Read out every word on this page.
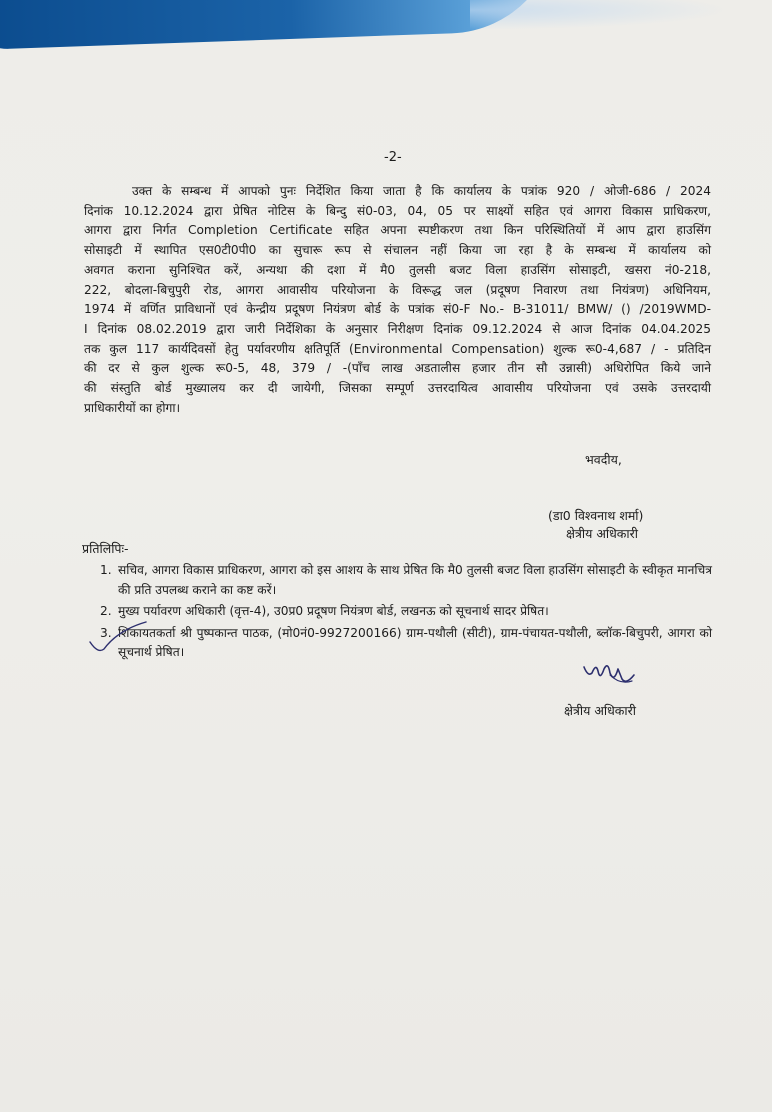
-2-
उक्त के सम्बन्ध में आपको पुनः निर्देशित किया जाता है कि कार्यालय के पत्रांक 920 / ओजी-686 / 2024
दिनांक 10.12.2024 द्वारा प्रेषित नोटिस के बिन्दु सं0-03, 04, 05 पर साक्ष्यों सहित एवं आगरा विकास प्राधिकरण,
आगरा द्वारा निर्गत Completion Certificate सहित अपना स्पष्टीकरण तथा किन परिस्थितियों में आप द्वारा हाउसिंग
सोसाइटी में स्थापित एस0टी0पी0 का सुचारू रूप से संचालन नहीं किया जा रहा है के सम्बन्ध में कार्यालय को
अवगत कराना सुनिश्चित करें, अन्यथा की दशा में मै0 तुलसी बजट विला हाउसिंग सोसाइटी, खसरा नं0-218,
222, बोदला-बिचुपुरी रोड, आगरा आवासीय परियोजना के विरूद्ध जल (प्रदूषण निवारण तथा नियंत्रण) अधिनियम,
1974 में वर्णित प्राविधानों एवं केन्द्रीय प्रदूषण नियंत्रण बोर्ड के पत्रांक सं0-F No.- B-31011/ BMW/ () /2019WMD-
I दिनांक 08.02.2019 द्वारा जारी निर्देशिका के अनुसार निरीक्षण दिनांक 09.12.2024 से आज दिनांक 04.04.2025
तक कुल 117 कार्यदिवसों हेतु पर्यावरणीय क्षतिपूर्ति (Environmental Compensation) शुल्क रू0-4,687 / - प्रतिदिन
की दर से कुल शुल्क रू0-5, 48, 379 / -(पाँच लाख अडतालीस हजार तीन सौ उन्नासी) अधिरोपित किये जाने
की संस्तुति बोर्ड मुख्यालय कर दी जायेगी, जिसका सम्पूर्ण उत्तरदायित्व आवासीय परियोजना एवं उसके उत्तरदायी
प्राधिकारीयों का होगा।
भवदीय,
(डा0 विश्वनाथ शर्मा)
क्षेत्रीय अधिकारी
प्रतिलिपिः-
1. सचिव, आगरा विकास प्राधिकरण, आगरा को इस आशय के साथ प्रेषित कि मै0 तुलसी बजट विला हाउसिंग सोसाइटी के स्वीकृत मानचित्र की प्रति उपलब्ध कराने का कष्ट करें।
2. मुख्य पर्यावरण अधिकारी (वृत्त-4), उ0प्र0 प्रदूषण नियंत्रण बोर्ड, लखनऊ को सूचनार्थ सादर प्रेषित।
3. शिकायतकर्ता श्री पुष्पकान्त पाठक, (मो0नं0-9927200166) ग्राम-पथौली (सीटी), ग्राम-पंचायत-पथौली, ब्लॉक-बिचुपरी, आगरा को सूचनार्थ प्रेषित।
क्षेत्रीय अधिकारी
